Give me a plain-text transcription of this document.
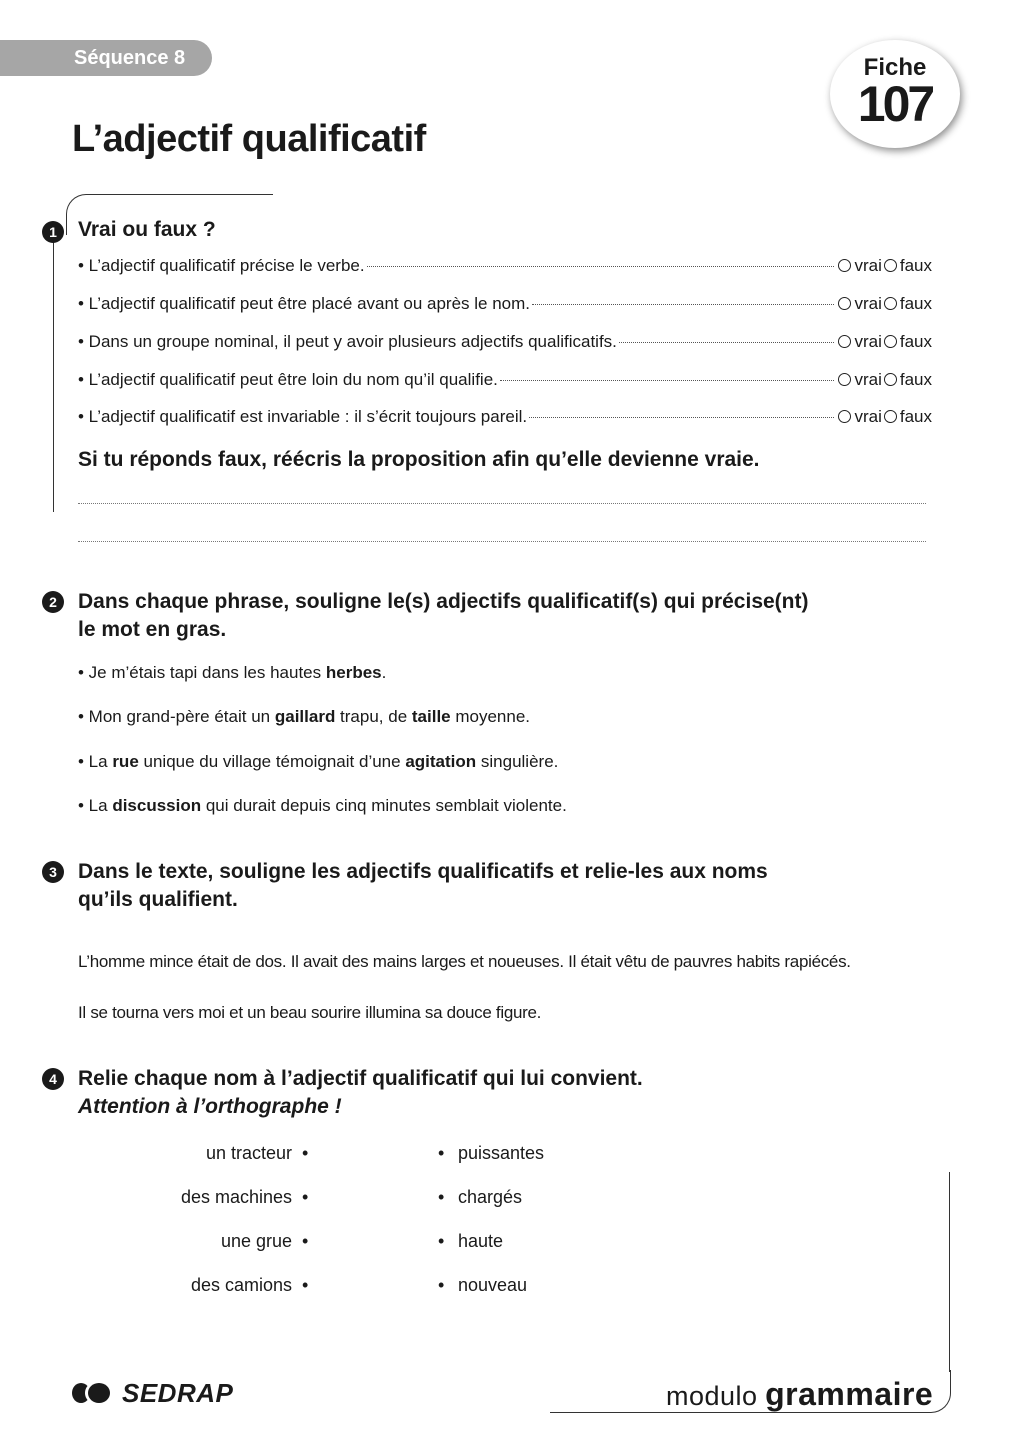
Séquence 8	Fiche
107
L’adjectif qualificatif
1	Vrai ou faux ?
• L’adjectif qualificatif précise le verbe.	vrai	faux
• L’adjectif qualificatif peut être placé avant ou après le nom.	vrai	faux
• Dans un groupe nominal, il peut y avoir plusieurs adjectifs qualificatifs.	vrai	faux
• L’adjectif qualificatif peut être loin du nom qu’il qualifie.	vrai	faux
• L’adjectif qualificatif est invariable : il s’écrit toujours pareil.	vrai	faux
Si tu réponds faux, réécris la proposition afin qu’elle devienne vraie.
2	Dans chaque phrase, souligne le(s) adjectifs qualificatif(s) qui précise(nt)
le mot en gras.
• Je m’étais tapi dans les hautes herbes.
• Mon grand-père était un gaillard trapu, de taille moyenne.
• La rue unique du village témoignait d’une agitation singulière.
• La discussion qui durait depuis cinq minutes semblait violente.
3	Dans le texte, souligne les adjectifs qualificatifs et relie-les aux noms
qu’ils qualifient.
L’homme mince était de dos. Il avait des mains larges et noueuses. Il était vêtu de pauvres habits rapiécés.
Il se tourna vers moi et un beau sourire illumina sa douce figure.
4	Relie chaque nom à l’adjectif qualificatif qui lui convient.
Attention à l’orthographe !
un tracteur •	• puissantes
des machines •	• chargés
une grue •	• haute
des camions •	• nouveau
SEDRAP	modulo grammaire
